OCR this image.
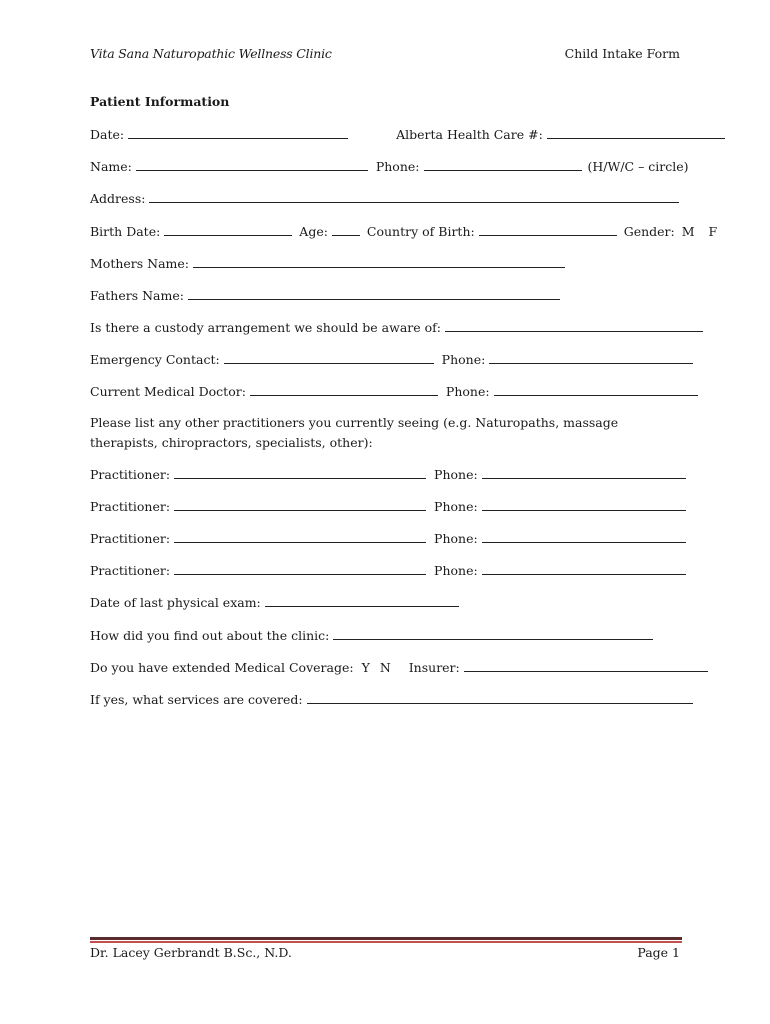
Vita Sana Naturopathic Wellness Clinic	Child Intake Form
Patient Information
Date:	Alberta Health Care #:
Name:	Phone:	(H/W/C – circle)
Address:
Birth Date:	Age:	Country of Birth:	Gender: M F
Mothers Name:
Fathers Name:
Is there a custody arrangement we should be aware of:
Emergency Contact:	Phone:
Current Medical Doctor:	Phone:
Please list any other practitioners you currently seeing (e.g. Naturopaths, massage therapists, chiropractors, specialists, other):
Practitioner:	Phone:
Practitioner:	Phone:
Practitioner:	Phone:
Practitioner:	Phone:
Date of last physical exam:
How did you find out about the clinic:
Do you have extended Medical Coverage: Y N Insurer:
If yes, what services are covered:
Dr. Lacey Gerbrandt B.Sc., N.D.	Page 1
